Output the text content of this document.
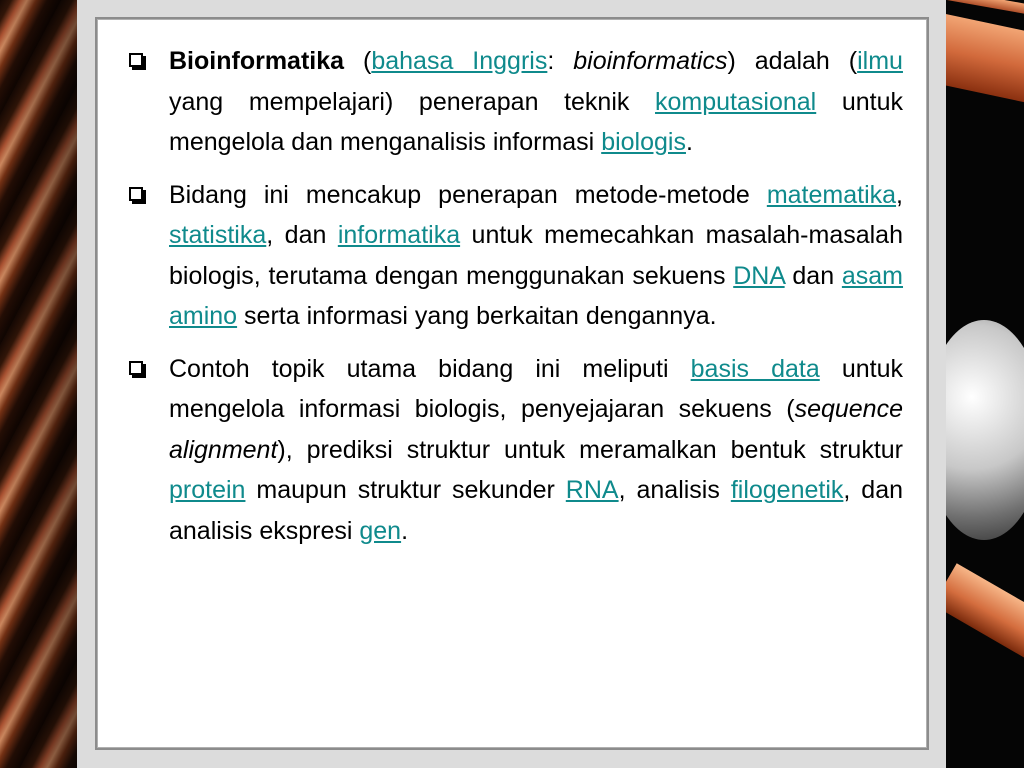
Bioinformatika (bahasa Inggris: bioinformatics) adalah (ilmu yang mempelajari) penerapan teknik komputasional untuk mengelola dan menganalisis informasi biologis.
Bidang ini mencakup penerapan metode-metode matematika, statistika, dan informatika untuk memecahkan masalah-masalah biologis, terutama dengan menggunakan sekuens DNA dan asam amino serta informasi yang berkaitan dengannya.
Contoh topik utama bidang ini meliputi basis data untuk mengelola informasi biologis, penyejajaran sekuens (sequence alignment), prediksi struktur untuk meramalkan bentuk struktur protein maupun struktur sekunder RNA, analisis filogenetik, dan analisis ekspresi gen.
